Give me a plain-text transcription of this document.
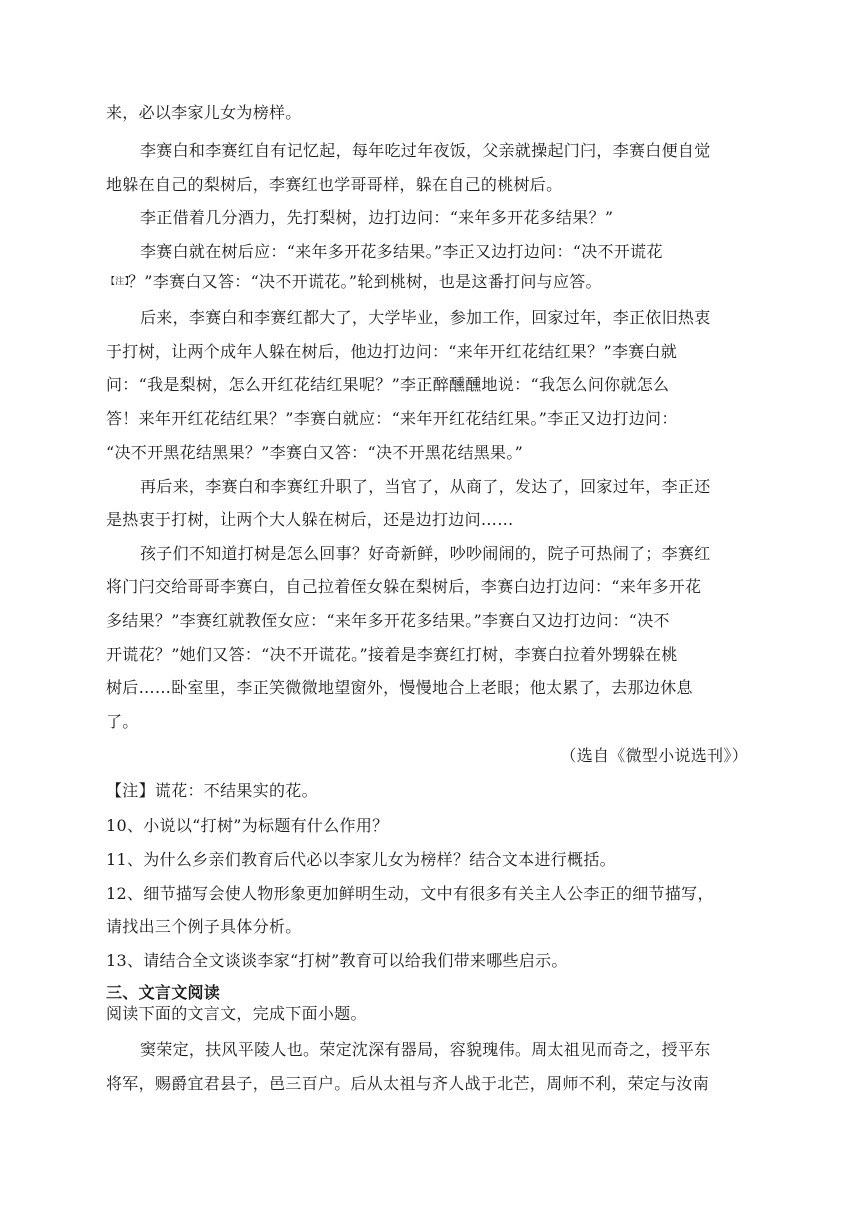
来，必以李家儿女为榜样。
李赛白和李赛红自有记忆起，每年吃过年夜饭，父亲就操起门闩，李赛白便自觉
地躲在自己的梨树后，李赛红也学哥哥样，躲在自己的桃树后。
李正借着几分酒力，先打梨树，边打边问：“来年多开花多结果？”
李赛白就在树后应：“来年多开花多结果。”李正又边打边问：“决不开谎花
【注】
？”李赛白又答：“决不开谎花。”轮到桃树，也是这番打问与应答。
后来，李赛白和李赛红都大了，大学毕业，参加工作，回家过年，李正依旧热衷
于打树，让两个成年人躲在树后，他边打边问：“来年开红花结红果？”李赛白就
问：“我是梨树，怎么开红花结红果呢？”李正醉醺醺地说：“我怎么问你就怎么
答！来年开红花结红果？”李赛白就应：“来年开红花结红果。”李正又边打边问：
“决不开黑花结黑果？”李赛白又答：“决不开黑花结黑果。”
再后来，李赛白和李赛红升职了，当官了，从商了，发达了，回家过年，李正还
是热衷于打树，让两个大人躲在树后，还是边打边问……
孩子们不知道打树是怎么回事？好奇新鲜，吵吵闹闹的，院子可热闹了；李赛红
将门闩交给哥哥李赛白，自己拉着侄女躲在梨树后，李赛白边打边问：“来年多开花
多结果？”李赛红就教侄女应：“来年多开花多结果。”李赛白又边打边问：“决不
开谎花？”她们又答：“决不开谎花。”接着是李赛红打树，李赛白拉着外甥躲在桃
树后……卧室里，李正笑微微地望窗外，慢慢地合上老眼；他太累了，去那边休息
了。
（选自《微型小说选刊》）
【注】谎花：不结果实的花。
10、小说以“打树”为标题有什么作用？
11、为什么乡亲们教育后代必以李家儿女为榜样？结合文本进行概括。
12、细节描写会使人物形象更加鲜明生动，文中有很多有关主人公李正的细节描写，
请找出三个例子具体分析。
13、请结合全文谈谈李家“打树”教育可以给我们带来哪些启示。
三、文言文阅读
阅读下面的文言文，完成下面小题。
窦荣定，扶风平陵人也。荣定沈深有器局，容貌瑰伟。周太祖见而奇之，授平东
将军，赐爵宜君县子，邑三百户。后从太祖与齐人战于北芒，周师不利，荣定与汝南
